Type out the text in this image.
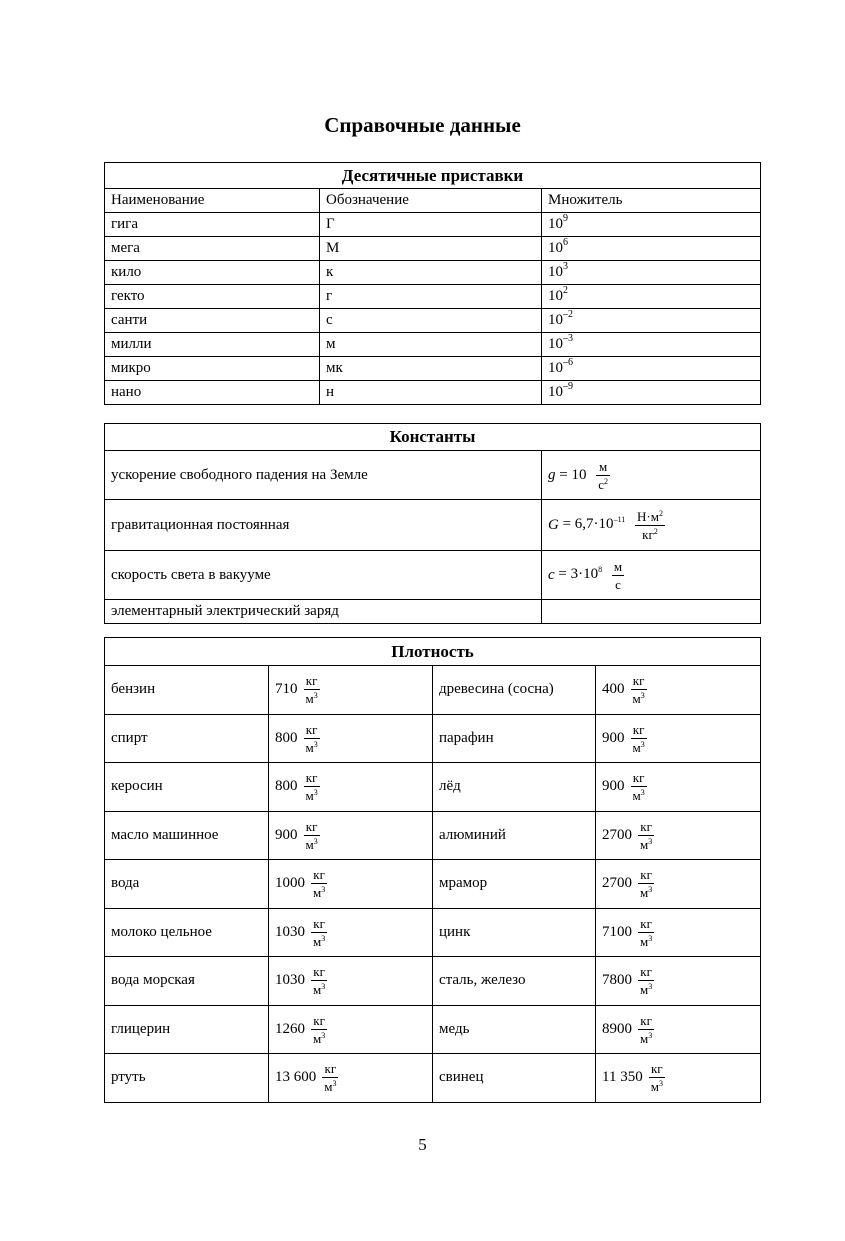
Справочные данные
Десятичные приставки		
Наименование	Обозначение	Множитель
гига	Г	$10^9$
мега	М	$10^6$
кило	к	$10^3$
гекто	г	$10^2$
санти	с	$10^{-2}$
милли	м	$10^{-3}$
микро	мк	$10^{-6}$
нано	н	$10^{-9}$
Константы	
ускорение свободного падения на Земле	$g = 10 \frac{м}{с^2}$

гравитационная постоянная	$G = 6,7\cdot 10^{-11} \frac{Н\cdot м^2}{кг^2}$

скорость света в вакууме	$c = 3\cdot 10^8 \frac{м}{с}$

элементарный электрический заряд	
Плотность			
бензин	$710 \frac{кг}{м^3}$	древесина (сосна)	$400 \frac{кг}{м^3}$

спирт	$800 \frac{кг}{м^3}$	парафин	$900 \frac{кг}{м^3}$

керосин	$800 \frac{кг}{м^3}$	лёд	$900 \frac{кг}{м^3}$

масло машинное	$900 \frac{кг}{м^3}$	алюминий	$2700 \frac{кг}{м^3}$

вода	$1000 \frac{кг}{м^3}$	мрамор	$2700 \frac{кг}{м^3}$

молоко цельное	$1030 \frac{кг}{м^3}$	цинк	$7100 \frac{кг}{м^3}$

вода морская	$1030 \frac{кг}{м^3}$	сталь, железо	$7800 \frac{кг}{м^3}$

глицерин	$1260 \frac{кг}{м^3}$	медь	$8900 \frac{кг}{м^3}$

ртуть	13 $600 \frac{кг}{м^3}$	свинец	11 $350 \frac{кг}{м^3}$
5
